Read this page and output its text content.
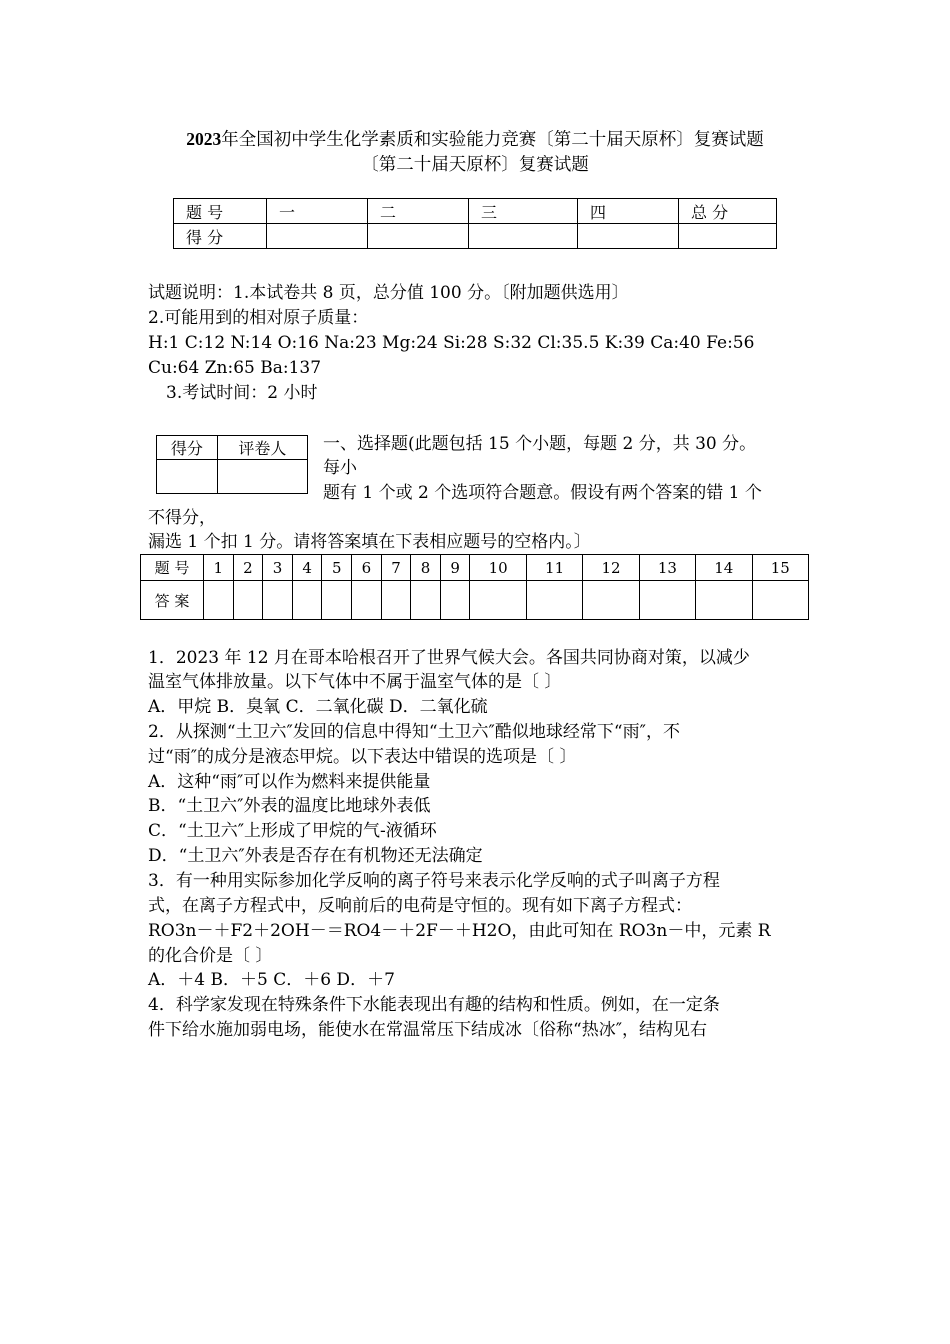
2023年全国初中学生化学素质和实验能力竞赛〔第二十届天原杯〕复赛试题
〔第二十届天原杯〕复赛试题
题 号	一	二	三	四	总 分
得 分					
试题说明：1.本试卷共 8 页，总分值 100 分。〔附加题供选用〕
2.可能用到的相对原子质量：
H:1 C:12 N:14 O:16 Na:23 Mg:24 Si:28 S:32 Cl:35.5 K:39 Ca:40 Fe:56
Cu:64 Zn:65 Ba:137
3.考试时间：2 小时
得分	评卷人
	一、选择题(此题包括 15 个小题，每题 2 分，共 30 分。
每小
题有 1 个或 2 个选项符合题意。假设有两个答案的错 1 个
不得分，
漏选 1 个扣 1 分。请将答案填在下表相应题号的空格内。〕
题 号	1	2	3	4	5	6	7	8	9	10	11	12	13	14	15
答 案															
1．2023 年 12 月在哥本哈根召开了世界气候大会。各国共同协商对策，以减少
温室气体排放量。以下气体中不属于温室气体的是〔 〕
A．甲烷 B．臭氧 C．二氧化碳 D．二氧化硫
2．从探测“土卫六″发回的信息中得知“土卫六″酷似地球经常下“雨″，不
过“雨″的成分是液态甲烷。以下表达中错误的选项是〔 〕
A．这种“雨″可以作为燃料来提供能量
B．“土卫六″外表的温度比地球外表低
C．“土卫六″上形成了甲烷的气-液循环
D．“土卫六″外表是否存在有机物还无法确定
3．有一种用实际参加化学反响的离子符号来表示化学反响的式子叫离子方程
式，在离子方程式中，反响前后的电荷是守恒的。现有如下离子方程式：
RO3n－＋F2＋2OH－＝RO4－＋2F－＋H2O，由此可知在 RO3n－中，元素 R
的化合价是〔 〕
A．＋4 B．＋5 C．＋6 D．＋7
4．科学家发现在特殊条件下水能表现出有趣的结构和性质。例如，在一定条
件下给水施加弱电场，能使水在常温常压下结成冰〔俗称“热冰″，结构见右
